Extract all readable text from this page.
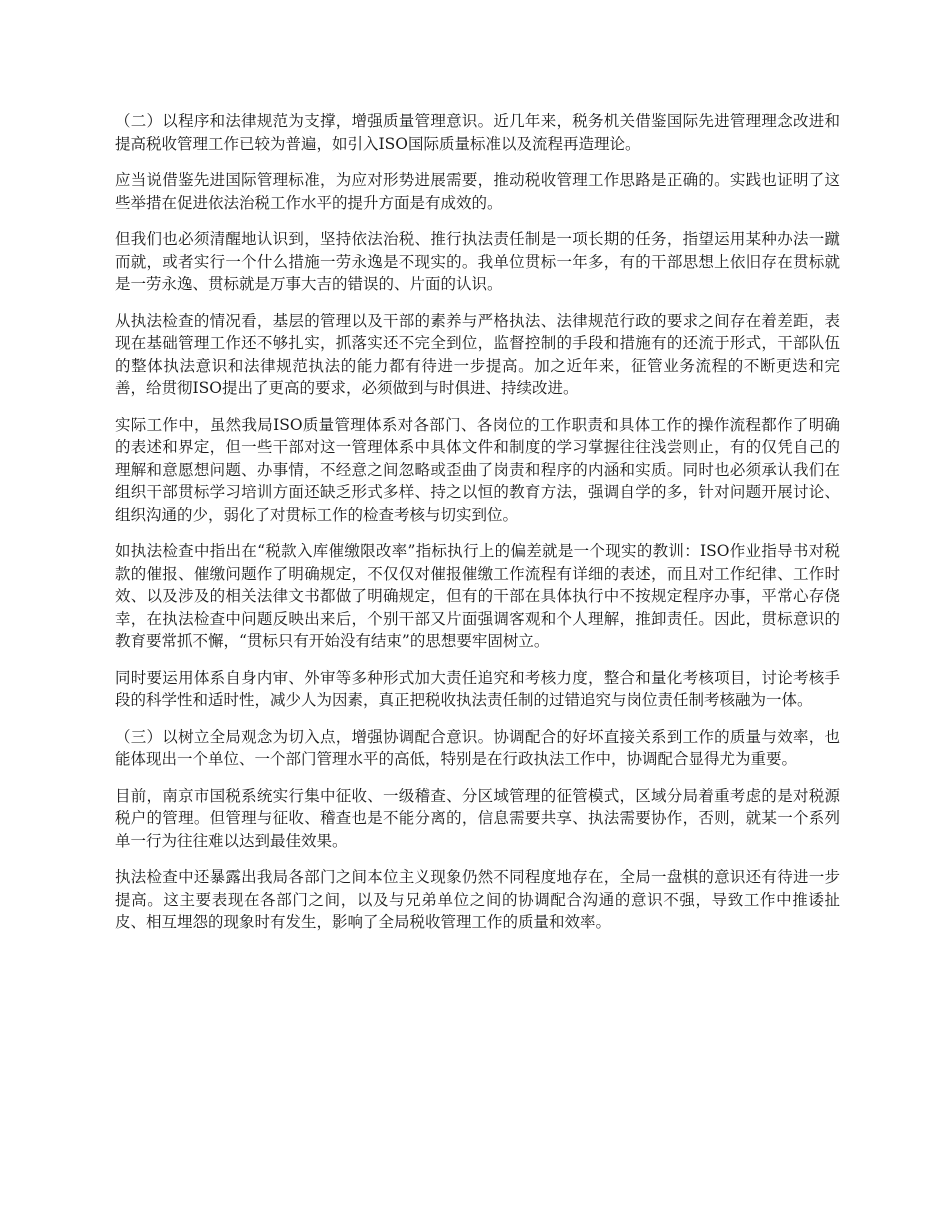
（二）以程序和法律规范为支撑，增强质量管理意识。近几年来，税务机关借鉴国际先进管理理念改进和提高税收管理工作已较为普遍，如引入ISO国际质量标准以及流程再造理论。

应当说借鉴先进国际管理标准，为应对形势进展需要，推动税收管理工作思路是正确的。实践也证明了这些举措在促进依法治税工作水平的提升方面是有成效的。

但我们也必须清醒地认识到，坚持依法治税、推行执法责任制是一项长期的任务，指望运用某种办法一蹴而就，或者实行一个什么措施一劳永逸是不现实的。我单位贯标一年多，有的干部思想上依旧存在贯标就是一劳永逸、贯标就是万事大吉的错误的、片面的认识。

从执法检查的情况看，基层的管理以及干部的素养与严格执法、法律规范行政的要求之间存在着差距，表现在基础管理工作还不够扎实，抓落实还不完全到位，监督控制的手段和措施有的还流于形式，干部队伍的整体执法意识和法律规范执法的能力都有待进一步提高。加之近年来，征管业务流程的不断更迭和完善，给贯彻ISO提出了更高的要求，必须做到与时俱进、持续改进。

实际工作中，虽然我局ISO质量管理体系对各部门、各岗位的工作职责和具体工作的操作流程都作了明确的表述和界定，但一些干部对这一管理体系中具体文件和制度的学习掌握往往浅尝则止，有的仅凭自己的理解和意愿想问题、办事情，不经意之间忽略或歪曲了岗责和程序的内涵和实质。同时也必须承认我们在组织干部贯标学习培训方面还缺乏形式多样、持之以恒的教育方法，强调自学的多，针对问题开展讨论、组织沟通的少，弱化了对贯标工作的检查考核与切实到位。

如执法检查中指出在“税款入库催缴限改率”指标执行上的偏差就是一个现实的教训：ISO作业指导书对税款的催报、催缴问题作了明确规定，不仅仅对催报催缴工作流程有详细的表述，而且对工作纪律、工作时效、以及涉及的相关法律文书都做了明确规定，但有的干部在具体执行中不按规定程序办事，平常心存侥幸，在执法检查中问题反映出来后，个别干部又片面强调客观和个人理解，推卸责任。因此，贯标意识的教育要常抓不懈，“贯标只有开始没有结束”的思想要牢固树立。

同时要运用体系自身内审、外审等多种形式加大责任追究和考核力度，整合和量化考核项目，讨论考核手段的科学性和适时性，减少人为因素，真正把税收执法责任制的过错追究与岗位责任制考核融为一体。

（三）以树立全局观念为切入点，增强协调配合意识。协调配合的好坏直接关系到工作的质量与效率，也能体现出一个单位、一个部门管理水平的高低，特别是在行政执法工作中，协调配合显得尤为重要。

目前，南京市国税系统实行集中征收、一级稽查、分区域管理的征管模式，区域分局着重考虑的是对税源税户的管理。但管理与征收、稽查也是不能分离的，信息需要共享、执法需要协作，否则，就某一个系列单一行为往往难以达到最佳效果。

执法检查中还暴露出我局各部门之间本位主义现象仍然不同程度地存在，全局一盘棋的意识还有待进一步提高。这主要表现在各部门之间，以及与兄弟单位之间的协调配合沟通的意识不强，导致工作中推诿扯皮、相互埋怨的现象时有发生，影响了全局税收管理工作的质量和效率。
